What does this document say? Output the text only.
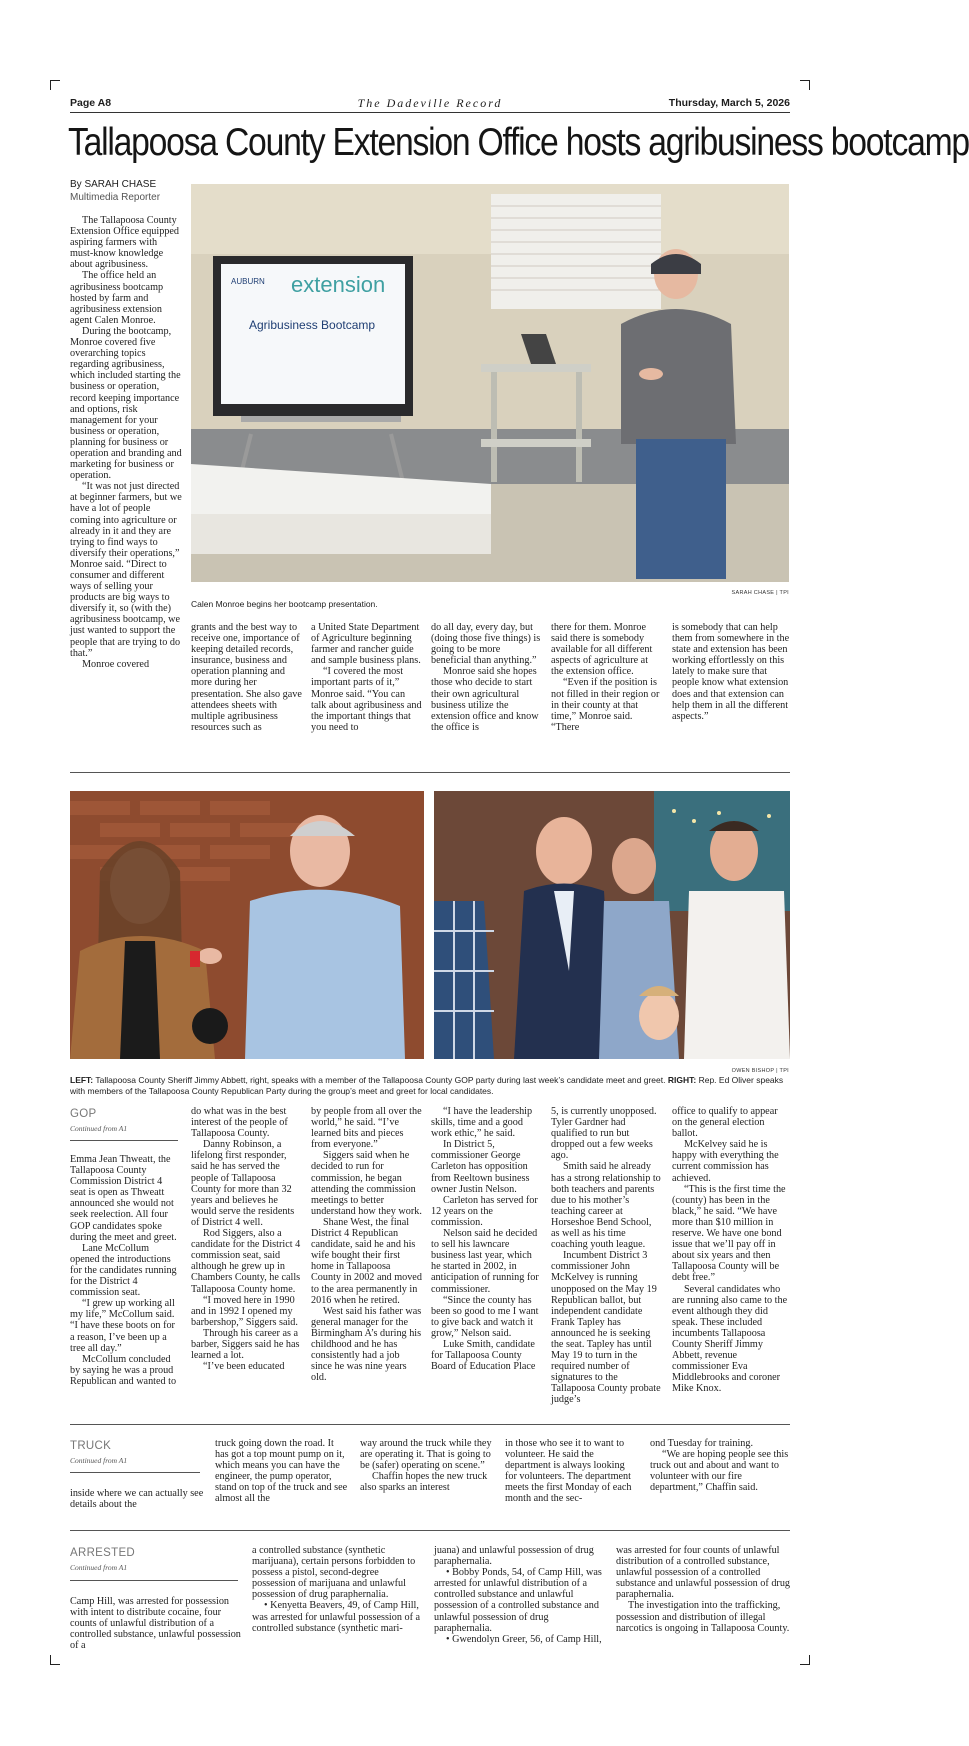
Page A8	The Dadeville Record	Thursday, March 5, 2026
Tallapoosa County Extension Office hosts agribusiness bootcamp
By SARAH CHASE
Multimedia Reporter
AUBURN extension
Agribusiness Bootcamp
SARAH CHASE | TPI
Calen Monroe begins her bootcamp presentation.

The Tallapoosa County Extension Office equipped aspiring farmers with must-know knowledge about agribusiness.

The office held an agribusiness bootcamp hosted by farm and agribusiness extension agent Calen Monroe.

During the bootcamp, Monroe covered five overarching topics regarding agribusiness, which included starting the business or operation, record keeping importance and options, risk management for your business or operation, planning for business or operation and branding and marketing for business or operation.

“It was not just directed at beginner farmers, but we have a lot of people coming into agriculture or already in it and they are trying to find ways to diversify their operations,” Monroe said. “Direct to consumer and different ways of selling your products are big ways to diversify it, so (with the) agribusiness bootcamp, we just wanted to support the people that are trying to do that.”

Monroe covered

grants and the best way to receive one, importance of keeping detailed records, insurance, business and operation planning and more during her presentation. She also gave attendees sheets with multiple agribusiness resources such as

a United State Department of Agriculture beginning farmer and rancher guide and sample business plans.

“I covered the most important parts of it,” Monroe said. “You can talk about agribusiness and the important things that you need to

do all day, every day, but (doing those five things) is going to be more beneficial than anything.”

Monroe said she hopes those who decide to start their own agricultural business utilize the extension office and know the office is

there for them. Monroe said there is somebody available for all different aspects of agriculture at the extension office.

“Even if the position is not filled in their region or in their county at that time,” Monroe said. “There

is somebody that can help them from somewhere in the state and extension has been working effortlessly on this lately to make sure that people know what extension does and that extension can help them in all the different aspects.”

OWEN BISHOP | TPI
LEFT: Tallapoosa County Sheriff Jimmy Abbett, right, speaks with a member of the Tallapoosa County GOP party during last week’s candidate meet and greet. RIGHT: Rep. Ed Oliver speaks with members of the Tallapoosa County Republican Party during the group’s meet and greet for local candidates.
GOP
Continued from A1

Emma Jean Thweatt, the Tallapoosa County Commission District 4 seat is open as Thweatt announced she would not seek reelection. All four GOP candidates spoke during the meet and greet.

Lane McCollum opened the introductions for the candidates running for the District 4 commission seat.

“I grew up working all my life,” McCollum said. “I have these boots on for a reason, I’ve been up a tree all day.”

McCollum concluded by saying he was a proud Republican and wanted to

do what was in the best interest of the people of Tallapoosa County.

Danny Robinson, a lifelong first responder, said he has served the people of Tallapoosa County for more than 32 years and believes he would serve the residents of District 4 well.

Rod Siggers, also a candidate for the District 4 commission seat, said although he grew up in Chambers County, he calls Tallapoosa County home.

“I moved here in 1990 and in 1992 I opened my barbershop,” Siggers said.

Through his career as a barber, Siggers said he has learned a lot.

“I’ve been educated

by people from all over the world,” he said. “I’ve learned bits and pieces from everyone.”

Siggers said when he decided to run for commission, he began attending the commission meetings to better understand how they work.

Shane West, the final District 4 Republican candidate, said he and his wife bought their first home in Tallapoosa County in 2002 and moved to the area permanently in 2016 when he retired.

West said his father was general manager for the Birmingham A’s during his childhood and he has consistently had a job since he was nine years old.

“I have the leadership skills, time and a good work ethic,” he said.

In District 5, commissioner George Carleton has opposition from Reeltown business owner Justin Nelson.

Carleton has served for 12 years on the commission.

Nelson said he decided to sell his lawncare business last year, which he started in 2002, in anticipation of running for commissioner.

“Since the county has been so good to me I want to give back and watch it grow,” Nelson said.

Luke Smith, candidate for Tallapoosa County Board of Education Place

5, is currently unopposed. Tyler Gardner had qualified to run but dropped out a few weeks ago.

Smith said he already has a strong relationship to both teachers and parents due to his mother’s teaching career at Horseshoe Bend School, as well as his time coaching youth league.

Incumbent District 3 commissioner John McKelvey is running unopposed on the May 19 Republican ballot, but independent candidate Frank Tapley has announced he is seeking the seat. Tapley has until May 19 to turn in the required number of signatures to the Tallapoosa County probate judge’s

office to qualify to appear on the general election ballot.

McKelvey said he is happy with everything the current commission has achieved.

“This is the first time the (county) has been in the black,” he said. “We have more than $10 million in reserve. We have one bond issue that we’ll pay off in about six years and then Tallapoosa County will be debt free.”

Several candidates who are running also came to the event although they did speak. These included incumbents Tallapoosa County Sheriff Jimmy Abbett, revenue commissioner Eva Middlebrooks and coroner Mike Knox.

TRUCK
Continued from A1

inside where we can actually see details about the

truck going down the road. It has got a top mount pump on it, which means you can have the engineer, the pump operator, stand on top of the truck and see almost all the

way around the truck while they are operating it. That is going to be (safer) operating on scene.”

Chaffin hopes the new truck also sparks an interest

in those who see it to want to volunteer. He said the department is always looking for volunteers. The department meets the first Monday of each month and the sec-

ond Tuesday for training.

“We are hoping people see this truck out and about and want to volunteer with our fire department,” Chaffin said.

ARRESTED
Continued from A1

Camp Hill, was arrested for possession with intent to distribute cocaine, four counts of unlawful distribution of a controlled substance, unlawful possession of a

a controlled substance (synthetic marijuana), certain persons forbidden to possess a pistol, second-degree possession of marijuana and unlawful possession of drug paraphernalia.

• Kenyetta Beavers, 49, of Camp Hill, was arrested for unlawful possession of a controlled substance (synthetic mari-

juana) and unlawful possession of drug paraphernalia.

• Bobby Ponds, 54, of Camp Hill, was arrested for unlawful distribution of a controlled substance and unlawful possession of a controlled substance and unlawful possession of drug paraphernalia.

• Gwendolyn Greer, 56, of Camp Hill,

was arrested for four counts of unlawful distribution of a controlled substance, unlawful possession of a controlled substance and unlawful possession of drug paraphernalia.

The investigation into the trafficking, possession and distribution of illegal narcotics is ongoing in Tallapoosa County.
